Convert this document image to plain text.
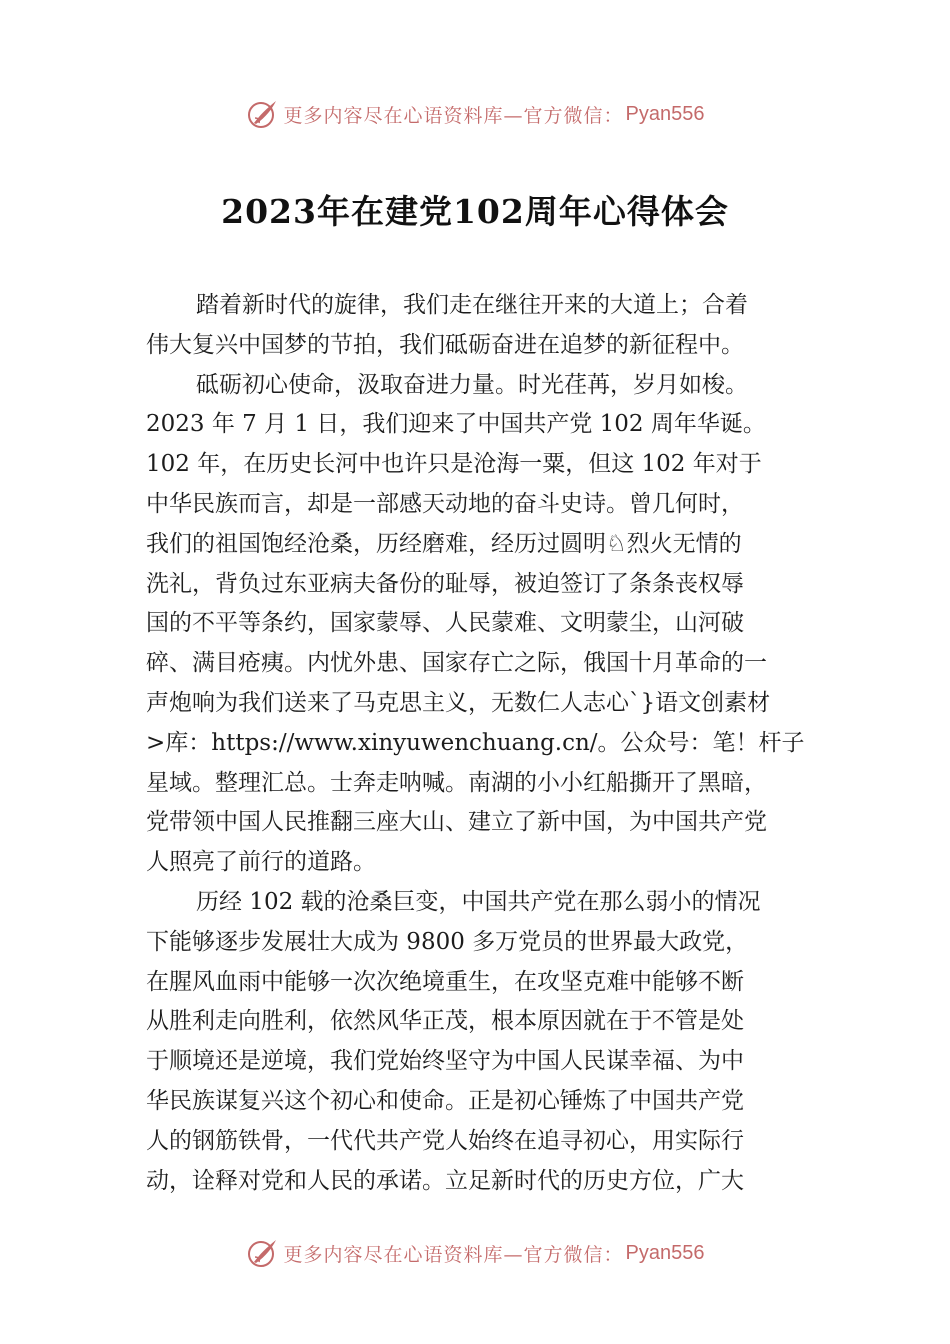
更多内容尽在心语资料库—官方微信： Pyan556
2023年在建党102周年心得体会
踏着新时代的旋律，我们走在继往开来的大道上；合着
伟大复兴中国梦的节拍，我们砥砺奋进在追梦的新征程中。
砥砺初心使命，汲取奋进力量。时光荏苒，岁月如梭。
2023 年 7 月 1 日，我们迎来了中国共产党 102 周年华诞。
102 年，在历史长河中也许只是沧海一粟，但这 102 年对于
中华民族而言，却是一部感天动地的奋斗史诗。曾几何时，
我们的祖国饱经沧桑，历经磨难，经历过圆明♘烈火无情的
洗礼，背负过东亚病夫备份的耻辱，被迫签订了条条丧权辱
国的不平等条约，国家蒙辱、人民蒙难、文明蒙尘，山河破
碎、满目疮痍。内忧外患、国家存亡之际，俄国十月革命的一
声炮响为我们送来了马克思主义，无数仁人志心`}语文创素材
>库：https://www.xinyuwenchuang.cn/。公众号：笔！杆子
星域。整理汇总。士奔走呐喊。南湖的小小红船撕开了黑暗，
党带领中国人民推翻三座大山、建立了新中国，为中国共产党
人照亮了前行的道路。
历经 102 载的沧桑巨变，中国共产党在那么弱小的情况
下能够逐步发展壮大成为 9800 多万党员的世界最大政党，
在腥风血雨中能够一次次绝境重生，在攻坚克难中能够不断
从胜利走向胜利，依然风华正茂，根本原因就在于不管是处
于顺境还是逆境，我们党始终坚守为中国人民谋幸福、为中
华民族谋复兴这个初心和使命。正是初心锤炼了中国共产党
人的钢筋铁骨，一代代共产党人始终在追寻初心，用实际行
动，诠释对党和人民的承诺。立足新时代的历史方位，广大
更多内容尽在心语资料库—官方微信： Pyan556
